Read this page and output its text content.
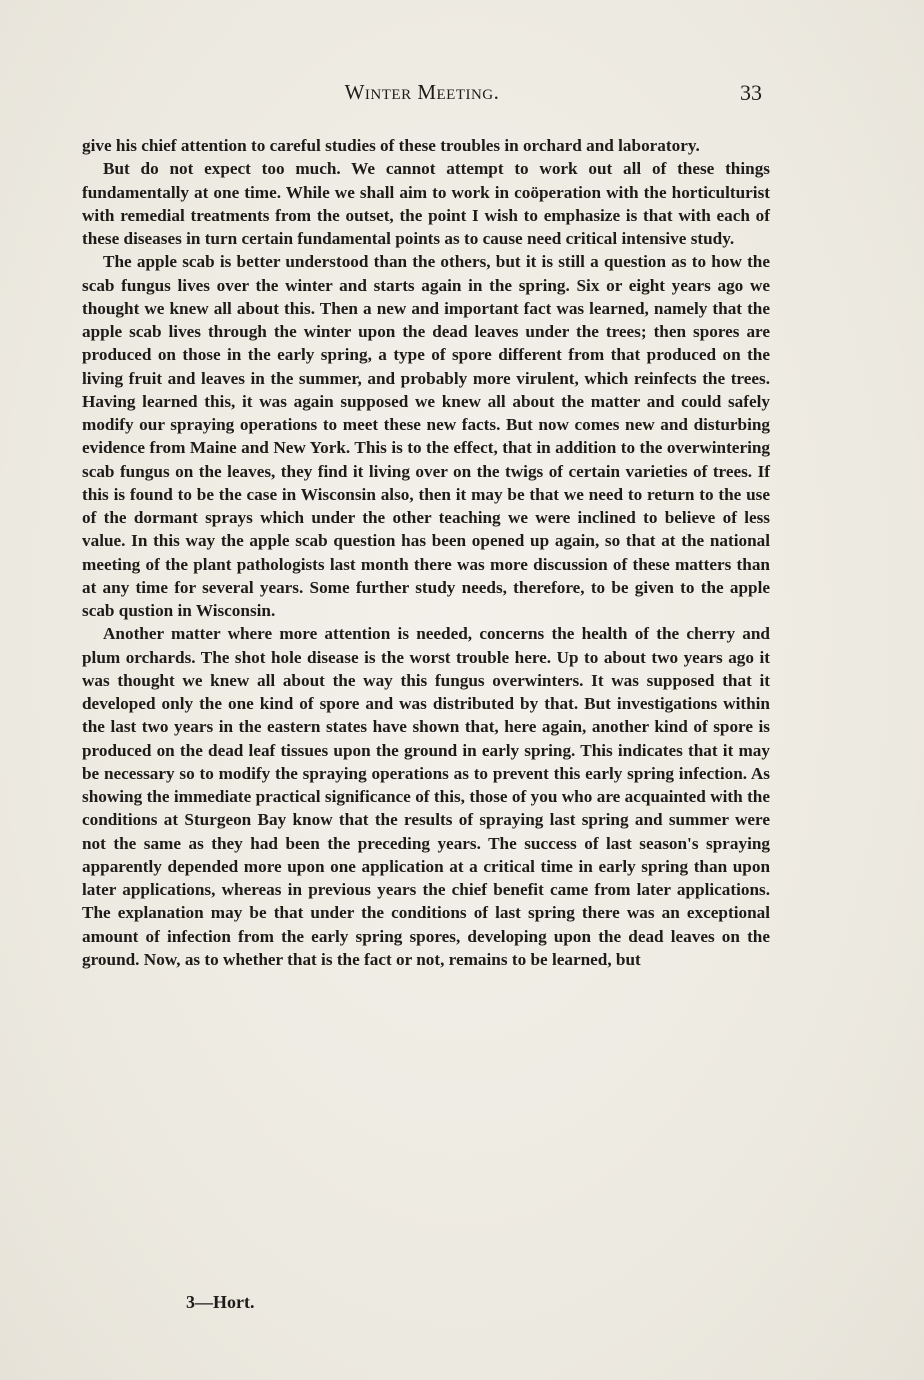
Winter Meeting.	33

give his chief attention to careful studies of these troubles in orchard and laboratory.

But do not expect too much. We cannot attempt to work out all of these things fundamentally at one time. While we shall aim to work in coöperation with the horticulturist with remedial treatments from the outset, the point I wish to emphasize is that with each of these diseases in turn certain fundamental points as to cause need critical intensive study.

The apple scab is better understood than the others, but it is still a question as to how the scab fungus lives over the winter and starts again in the spring. Six or eight years ago we thought we knew all about this. Then a new and important fact was learned, namely that the apple scab lives through the winter upon the dead leaves under the trees; then spores are produced on those in the early spring, a type of spore different from that produced on the living fruit and leaves in the summer, and probably more virulent, which reinfects the trees. Having learned this, it was again supposed we knew all about the matter and could safely modify our spraying operations to meet these new facts. But now comes new and disturbing evidence from Maine and New York. This is to the effect, that in addition to the overwintering scab fungus on the leaves, they find it living over on the twigs of certain varieties of trees. If this is found to be the case in Wisconsin also, then it may be that we need to return to the use of the dormant sprays which under the other teaching we were inclined to believe of less value. In this way the apple scab question has been opened up again, so that at the national meeting of the plant pathologists last month there was more discussion of these matters than at any time for several years. Some further study needs, therefore, to be given to the apple scab qustion in Wisconsin.

Another matter where more attention is needed, concerns the health of the cherry and plum orchards. The shot hole disease is the worst trouble here. Up to about two years ago it was thought we knew all about the way this fungus overwinters. It was supposed that it developed only the one kind of spore and was distributed by that. But investigations within the last two years in the eastern states have shown that, here again, another kind of spore is produced on the dead leaf tissues upon the ground in early spring. This indicates that it may be necessary so to modify the spraying operations as to prevent this early spring infection. As showing the immediate practical significance of this, those of you who are acquainted with the conditions at Sturgeon Bay know that the results of spraying last spring and summer were not the same as they had been the preceding years. The success of last season's spraying apparently depended more upon one application at a critical time in early spring than upon later applications, whereas in previous years the chief benefit came from later applications. The explanation may be that under the conditions of last spring there was an exceptional amount of infection from the early spring spores, developing upon the dead leaves on the ground. Now, as to whether that is the fact or not, remains to be learned, but

3—Hort.
